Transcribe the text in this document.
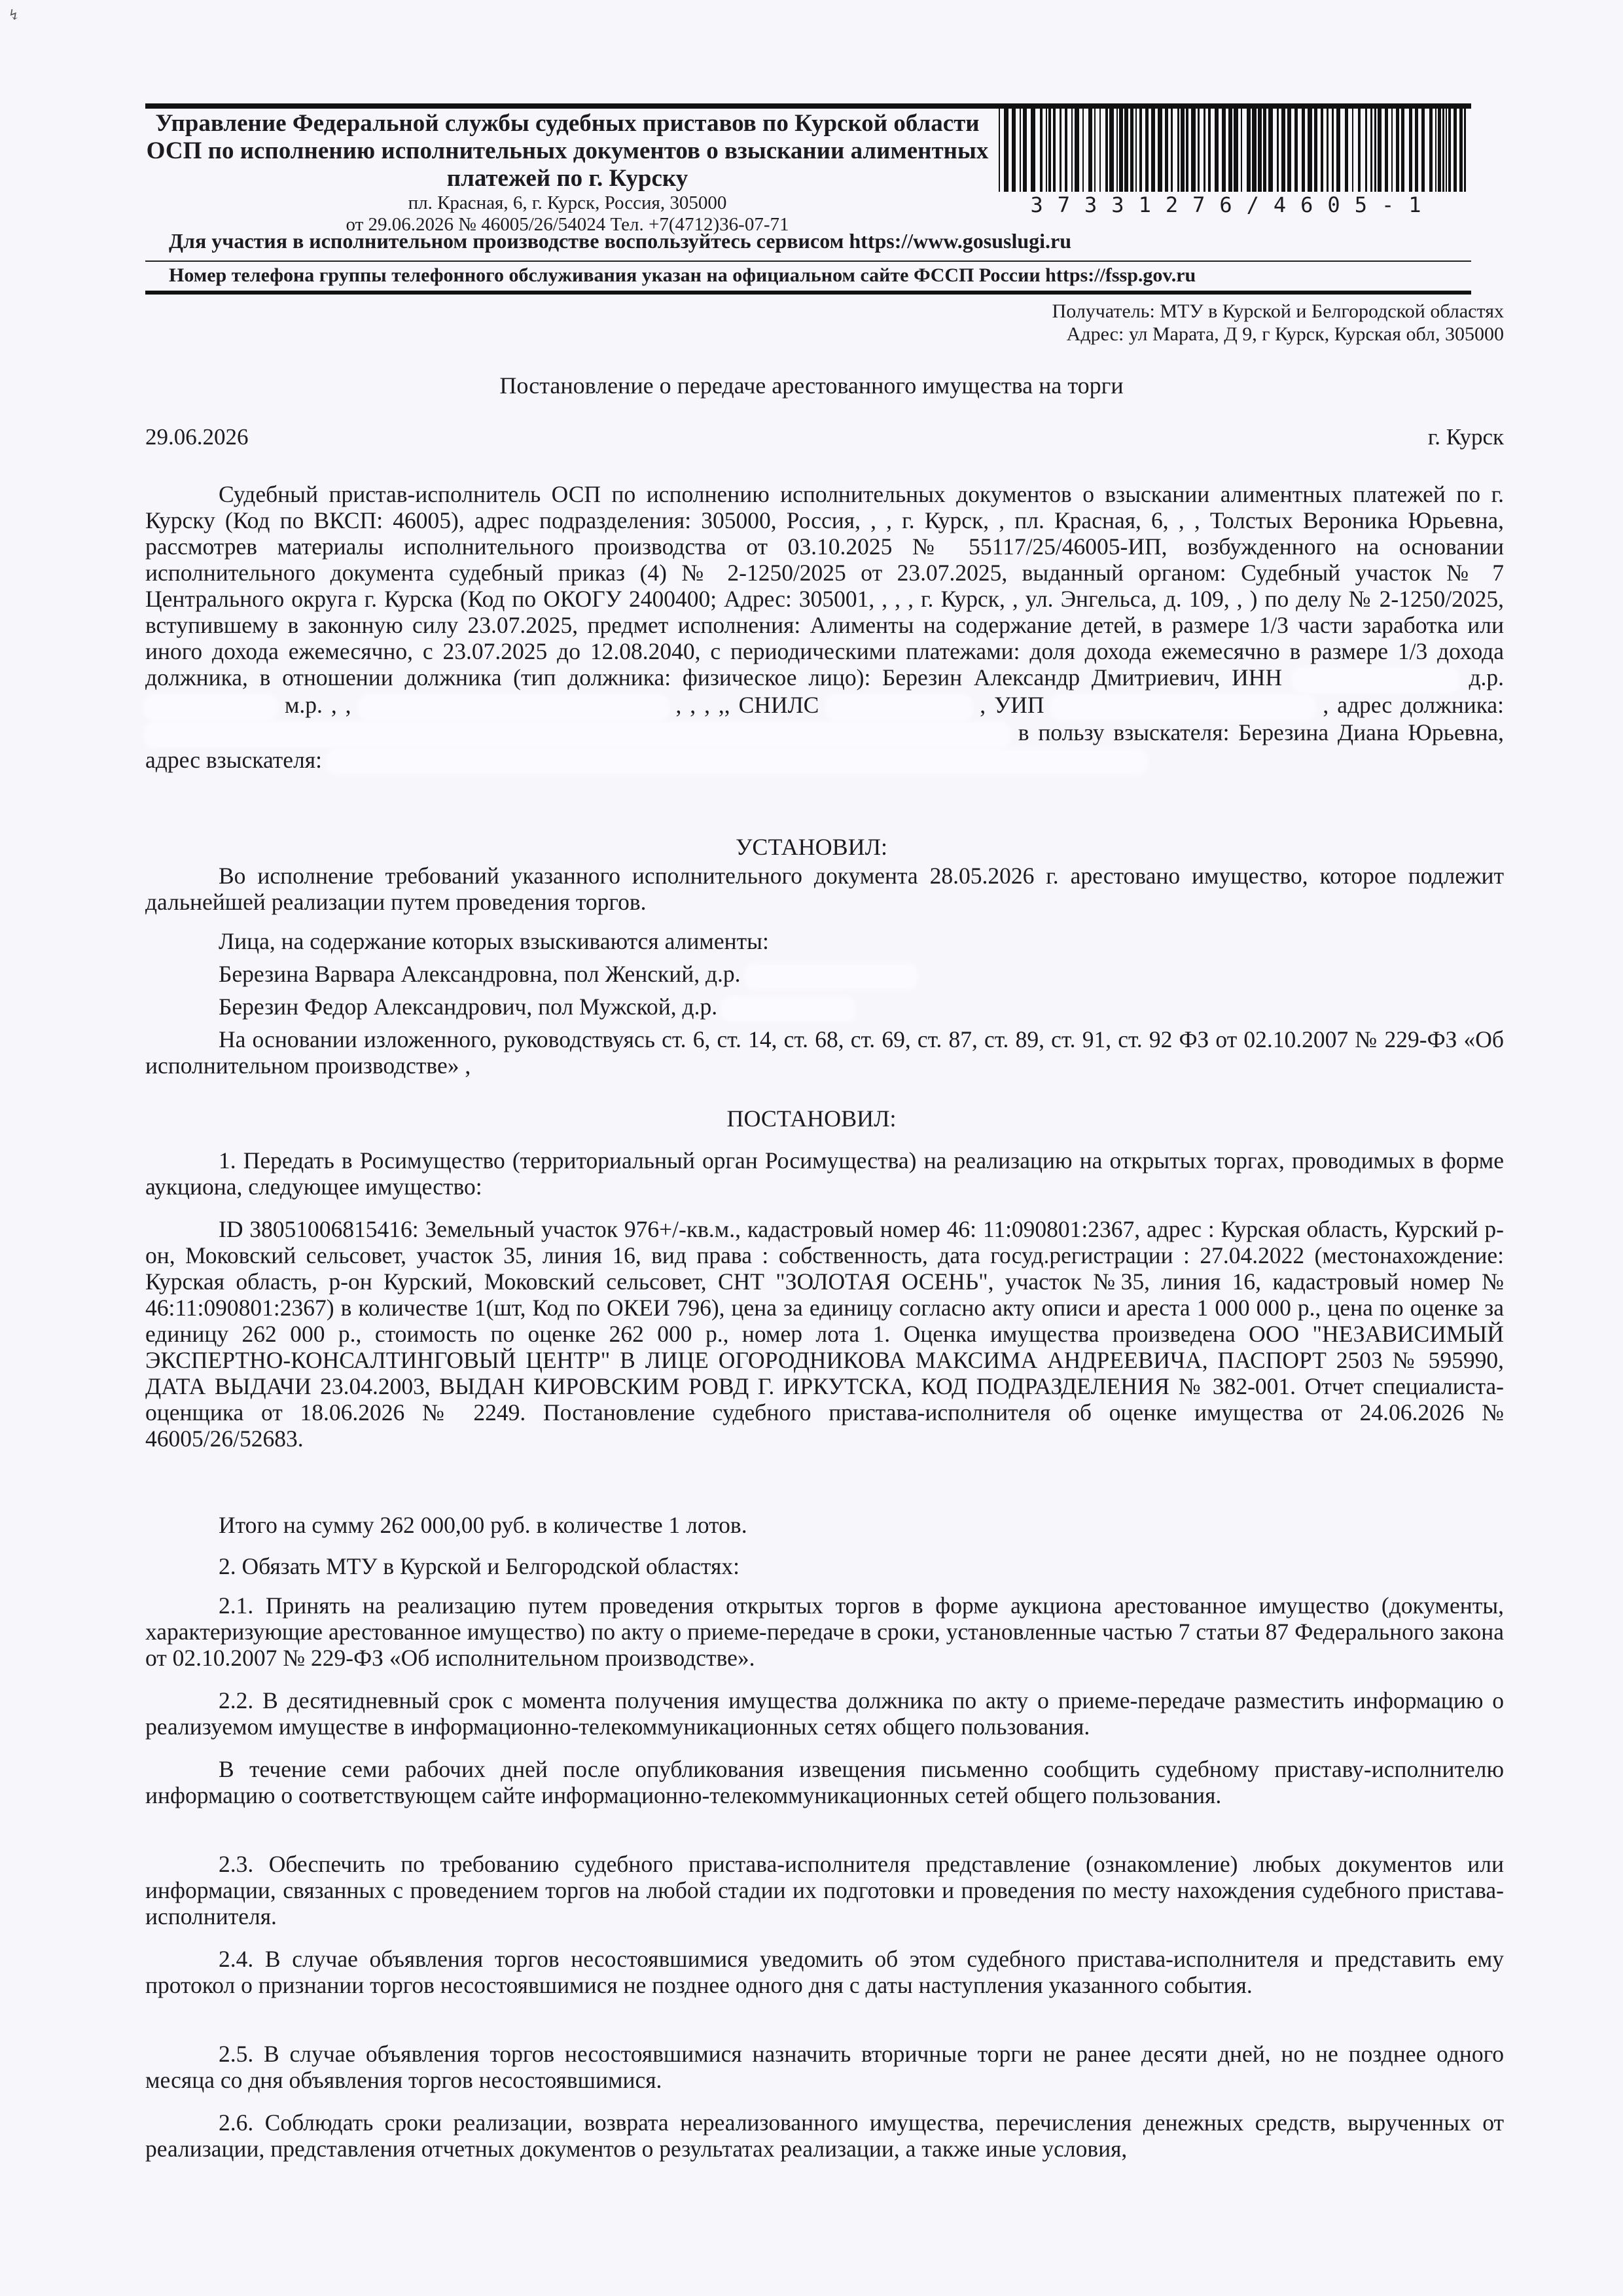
↯
Управление Федеральной службы судебных приставов по Курской области
ОСП по исполнению исполнительных документов о взыскании алиментных
платежей по г. Курску
пл. Красная, 6, г. Курск, Россия, 305000
от 29.06.2026 № 46005/26/54024 Тел. +7(4712)36-07-71
37331276/4605-1
Для участия в исполнительном производстве воспользуйтесь сервисом https://www.gosuslugi.ru
Номер телефона группы телефонного обслуживания указан на официальном сайте ФССП России https://fssp.gov.ru
Получатель: МТУ в Курской и Белгородской областях
Адрес: ул Марата, Д 9, г Курск, Курская обл, 305000
Постановление о передаче арестованного имущества на торги
29.06.2026	г. Курск

Судебный пристав-исполнитель ОСП по исполнению исполнительных документов о взыскании алиментных платежей по г. Курску (Код по ВКСП: 46005), адрес подразделения: 305000, Россия, , , г. Курск, , пл. Красная, 6, , , Толстых Вероника Юрьевна, рассмотрев материалы исполнительного производства от 03.10.2025 № 55117/25/46005-ИП, возбужденного на основании исполнительного документа судебный приказ (4) № 2-1250/2025 от 23.07.2025, выданный органом: Судебный участок № 7 Центрального округа г. Курска (Код по ОКОГУ 2400400; Адрес: 305001, , , , г. Курск, , ул. Энгельса, д. 109, , ) по делу № 2-1250/2025, вступившему в законную силу 23.07.2025, предмет исполнения: Алименты на содержание детей, в размере 1/3 части заработка или иного дохода ежемесячно, с 23.07.2025 до 12.08.2040, с периодическими платежами: доля дохода ежемесячно в размере 1/3 дохода должника, в отношении должника (тип должника: физическое лицо): Березин Александр Дмитриевич, ИНН	д.р.  м.р. , ,	, , , ,, СНИЛС	, УИП	, адрес должника:  в пользу взыскателя: Березина Диана Юрьевна, адрес взыскателя:

УСТАНОВИЛ:
Во исполнение требований указанного исполнительного документа 28.05.2026 г. арестовано имущество, которое подлежит дальнейшей реализации путем проведения торгов.
Лица, на содержание которых взыскиваются алименты:
Березина Варвара Александровна, пол Женский, д.р.
Березин Федор Александрович, пол Мужской, д.р.
На основании изложенного, руководствуясь ст. 6, ст. 14, ст. 68, ст. 69, ст. 87, ст. 89, ст. 91, ст. 92 ФЗ от 02.10.2007 № 229-ФЗ «Об исполнительном производстве» ,
ПОСТАНОВИЛ:
1. Передать в Росимущество (территориальный орган Росимущества) на реализацию на открытых торгах, проводимых в форме аукциона, следующее имущество:
ID 38051006815416: Земельный участок 976+/-кв.м., кадастровый номер 46: 11:090801:2367, адрес : Курская область, Курский р-он, Моковский сельсовет, участок 35, линия 16, вид права : собственность, дата госуд.регистрации : 27.04.2022 (местонахождение: Курская область, р-он Курский, Моковский сельсовет, СНТ "ЗОЛОТАЯ ОСЕНЬ", участок №35, линия 16, кадастровый номер № 46:11:090801:2367) в количестве 1(шт, Код по ОКЕИ 796), цена за единицу согласно акту описи и ареста 1 000 000 р., цена по оценке за единицу 262 000 р., стоимость по оценке 262 000 р., номер лота 1. Оценка имущества произведена ООО "НЕЗАВИСИМЫЙ ЭКСПЕРТНО-КОНСАЛТИНГОВЫЙ ЦЕНТР" В ЛИЦЕ ОГОРОДНИКОВА МАКСИМА АНДРЕЕВИЧА, ПАСПОРТ 2503 № 595990, ДАТА ВЫДАЧИ 23.04.2003, ВЫДАН КИРОВСКИМ РОВД Г. ИРКУТСКА, КОД ПОДРАЗДЕЛЕНИЯ № 382-001. Отчет специалиста-оценщика от 18.06.2026 № 2249. Постановление судебного пристава-исполнителя об оценке имущества от 24.06.2026 № 46005/26/52683.
Итого на сумму 262 000,00 руб. в количестве 1 лотов.
2. Обязать МТУ в Курской и Белгородской областях:
2.1. Принять на реализацию путем проведения открытых торгов в форме аукциона арестованное имущество (документы, характеризующие арестованное имущество) по акту о приеме-передаче в сроки, установленные частью 7 статьи 87 Федерального закона от 02.10.2007 № 229-ФЗ «Об исполнительном производстве».
2.2. В десятидневный срок с момента получения имущества должника по акту о приеме-передаче разместить информацию о реализуемом имуществе в информационно-телекоммуникационных сетях общего пользования.
В течение семи рабочих дней после опубликования извещения письменно сообщить судебному приставу-исполнителю информацию о соответствующем сайте информационно-телекоммуникационных сетей общего пользования.
2.3. Обеспечить по требованию судебного пристава-исполнителя представление (ознакомление) любых документов или информации, связанных с проведением торгов на любой стадии их подготовки и проведения по месту нахождения судебного пристава-исполнителя.
2.4. В случае объявления торгов несостоявшимися уведомить об этом судебного пристава-исполнителя и представить ему протокол о признании торгов несостоявшимися не позднее одного дня с даты наступления указанного события.
2.5. В случае объявления торгов несостоявшимися назначить вторичные торги не ранее десяти дней, но не позднее одного месяца со дня объявления торгов несостоявшимися.
2.6. Соблюдать сроки реализации, возврата нереализованного имущества, перечисления денежных средств, вырученных от реализации, представления отчетных документов о результатах реализации, а также иные условия,
